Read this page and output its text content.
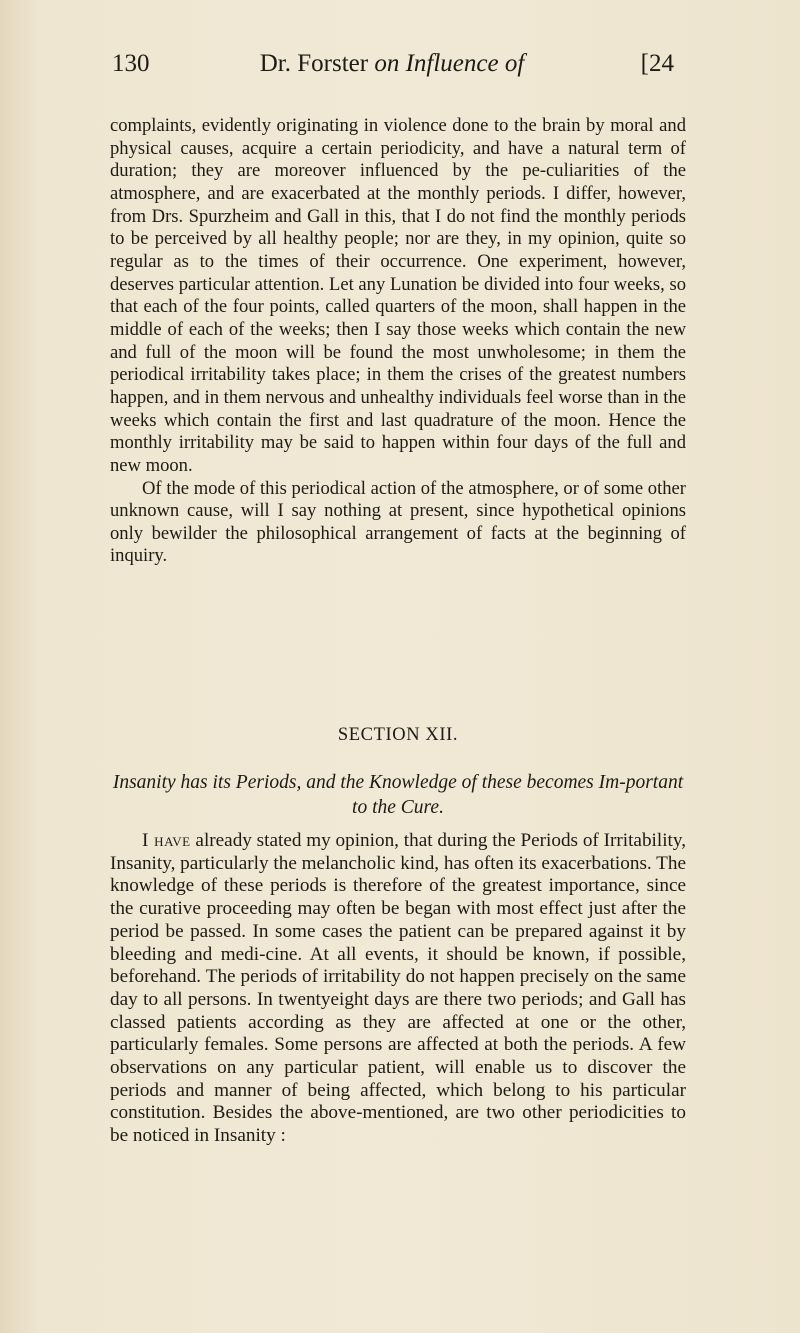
130	Dr. Forster on Influence of	[24

complaints, evidently originating in violence done to the brain by moral and physical causes, acquire a certain periodicity, and have a natural term of duration; they are moreover influenced by the pe-culiarities of the atmosphere, and are exacerbated at the monthly periods. I differ, however, from Drs. Spurzheim and Gall in this, that I do not find the monthly periods to be perceived by all healthy people; nor are they, in my opinion, quite so regular as to the times of their occurrence. One experiment, however, deserves particular attention. Let any Lunation be divided into four weeks, so that each of the four points, called quarters of the moon, shall happen in the middle of each of the weeks; then I say those weeks which contain the new and full of the moon will be found the most unwholesome; in them the periodical irritability takes place; in them the crises of the greatest numbers happen, and in them nervous and unhealthy individuals feel worse than in the weeks which contain the first and last quadrature of the moon. Hence the monthly irritability may be said to happen within four days of the full and new moon.

Of the mode of this periodical action of the atmosphere, or of some other unknown cause, will I say nothing at present, since hypothetical opinions only bewilder the philosophical arrangement of facts at the beginning of inquiry.

SECTION XII.
Insanity has its Periods, and the Knowledge of these becomes Im-portant to the Cure.

I have already stated my opinion, that during the Periods of Irritability, Insanity, particularly the melancholic kind, has often its exacerbations. The knowledge of these periods is therefore of the greatest importance, since the curative proceeding may often be began with most effect just after the period be passed. In some cases the patient can be prepared against it by bleeding and medi-cine. At all events, it should be known, if possible, beforehand. The periods of irritability do not happen precisely on the same day to all persons. In twentyeight days are there two periods; and Gall has classed patients according as they are affected at one or the other, particularly females. Some persons are affected at both the periods. A few observations on any particular patient, will enable us to discover the periods and manner of being affected, which belong to his particular constitution. Besides the above-mentioned, are two other periodicities to be noticed in Insanity :
